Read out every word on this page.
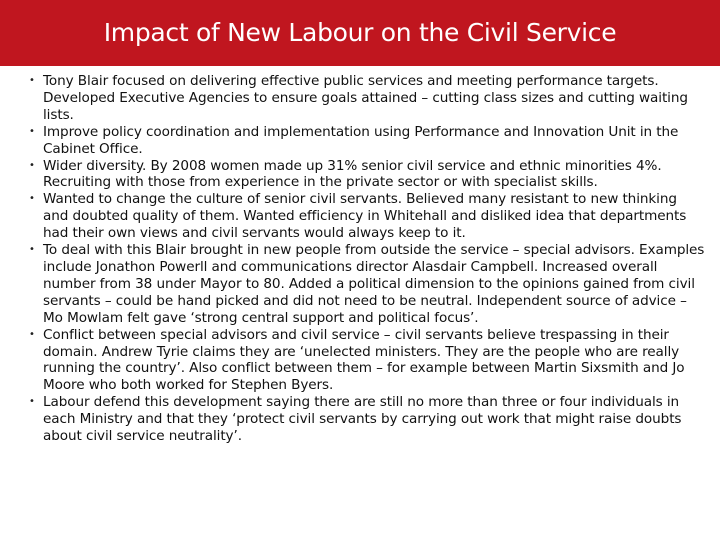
Impact of New Labour on the Civil Service
• Tony Blair focused on delivering effective public services and meeting performance targets. Developed Executive Agencies to ensure goals attained – cutting class sizes and cutting waiting lists.
• Improve policy coordination and implementation using Performance and Innovation Unit in the Cabinet Office.
• Wider diversity. By 2008 women made up 31% senior civil service and ethnic minorities 4%. Recruiting with those from experience in the private sector or with specialist skills.
• Wanted to change the culture of senior civil servants. Believed many resistant to new thinking and doubted quality of them. Wanted efficiency in Whitehall and disliked idea that departments had their own views and civil servants would always keep to it.
• To deal with this Blair brought in new people from outside the service – special advisors. Examples include Jonathon Powerll and communications director Alasdair Campbell. Increased overall number from 38 under Mayor to 80. Added a political dimension to the opinions gained from civil servants – could be hand picked and did not need to be neutral. Independent source of advice – Mo Mowlam felt gave ‘strong central support and political focus’.
• Conflict between special advisors and civil service – civil servants believe trespassing in their domain. Andrew Tyrie claims they are ‘unelected ministers. They are the people who are really running the country’. Also conflict between them – for example between Martin Sixsmith and Jo Moore who both worked for Stephen Byers.
• Labour defend this development saying there are still no more than three or four individuals in each Ministry and that they ‘protect civil servants by carrying out work that might raise doubts about civil service neutrality’.
